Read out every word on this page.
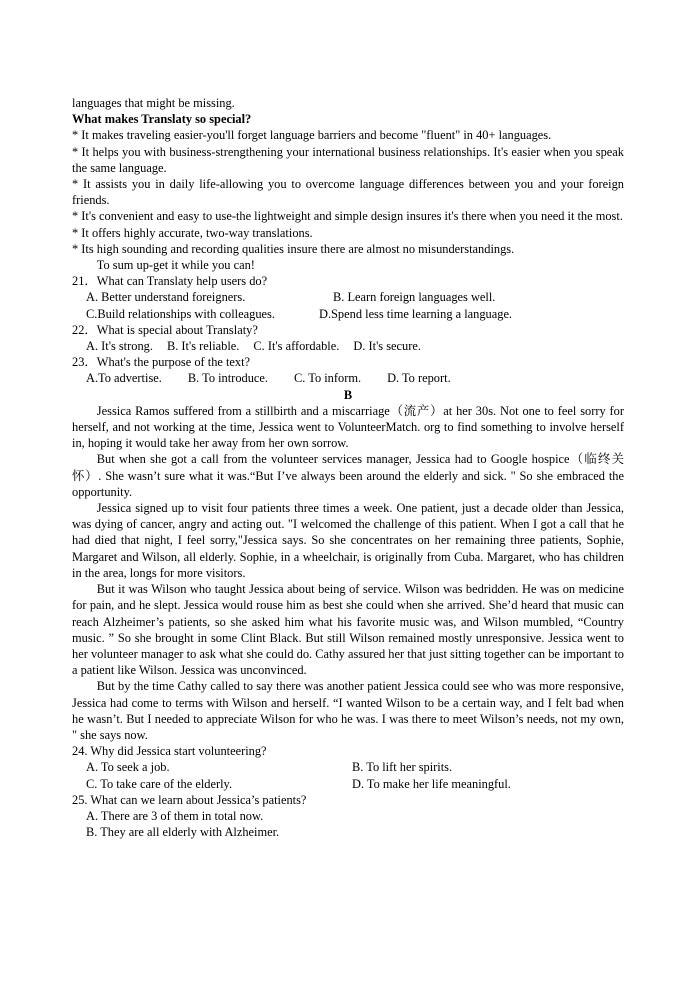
languages that might be missing.

What makes Translaty so special?

* It makes traveling easier-you'll forget language barriers and become "fluent" in 40+ languages.

* It helps you with business-strengthening your international business relationships. It's easier when you speak the same language.

* It assists you in daily life-allowing you to overcome language differences between you and your foreign friends.

* It's convenient and easy to use-the lightweight and simple design insures it's there when you need it the most.

* It offers highly accurate, two-way translations.

* Its high sounding and recording qualities insure there are almost no misunderstandings.

To sum up-get it while you can!

21．What can Translaty help users do?

A. Better understand foreigners.	B. Learn foreign languages well.
C.Build relationships with colleagues.	D.Spend less time learning a language.

22．What is special about Translaty?

A. It's strong. B. It's reliable. C. It's affordable. D. It's secure.

23．What's the purpose of the text?

A.To advertise. B. To introduce. C. To inform. D. To report.

B

Jessica Ramos suffered from a stillbirth and a miscarriage（流产）at her 30s. Not one to feel sorry for herself, and not working at the time, Jessica went to VolunteerMatch. org to find something to involve herself in, hoping it would take her away from her own sorrow.

But when she got a call from the volunteer services manager, Jessica had to Google hospice（临终关怀）. She wasn’t sure what it was.“But I’ve always been around the elderly and sick. " So she embraced the opportunity.

Jessica signed up to visit four patients three times a week. One patient, just a decade older than Jessica, was dying of cancer, angry and acting out. "I welcomed the challenge of this patient. When I got a call that he had died that night, I feel sorry,"Jessica says. So she concentrates on her remaining three patients, Sophie, Margaret and Wilson, all elderly. Sophie, in a wheelchair, is originally from Cuba. Margaret, who has children in the area, longs for more visitors.

But it was Wilson who taught Jessica about being of service. Wilson was bedridden. He was on medicine for pain, and he slept. Jessica would rouse him as best she could when she arrived. She’d heard that music can reach Alzheimer’s patients, so she asked him what his favorite music was, and Wilson mumbled, “Country music. ” So she brought in some Clint Black. But still Wilson remained mostly unresponsive. Jessica went to her volunteer manager to ask what she could do. Cathy assured her that just sitting together can be important to a patient like Wilson. Jessica was unconvinced.

But by the time Cathy called to say there was another patient Jessica could see who was more responsive, Jessica had come to terms with Wilson and herself. “I wanted Wilson to be a certain way, and I felt bad when he wasn’t. But I needed to appreciate Wilson for who he was. I was there to meet Wilson’s needs, not my own, " she says now.

24. Why did Jessica start volunteering?

A. To seek a job.	B. To lift her spirits.
C. To take care of the elderly.	D. To make her life meaningful.

25. What can we learn about Jessica’s patients?

A. There are 3 of them in total now.

B. They are all elderly with Alzheimer.
